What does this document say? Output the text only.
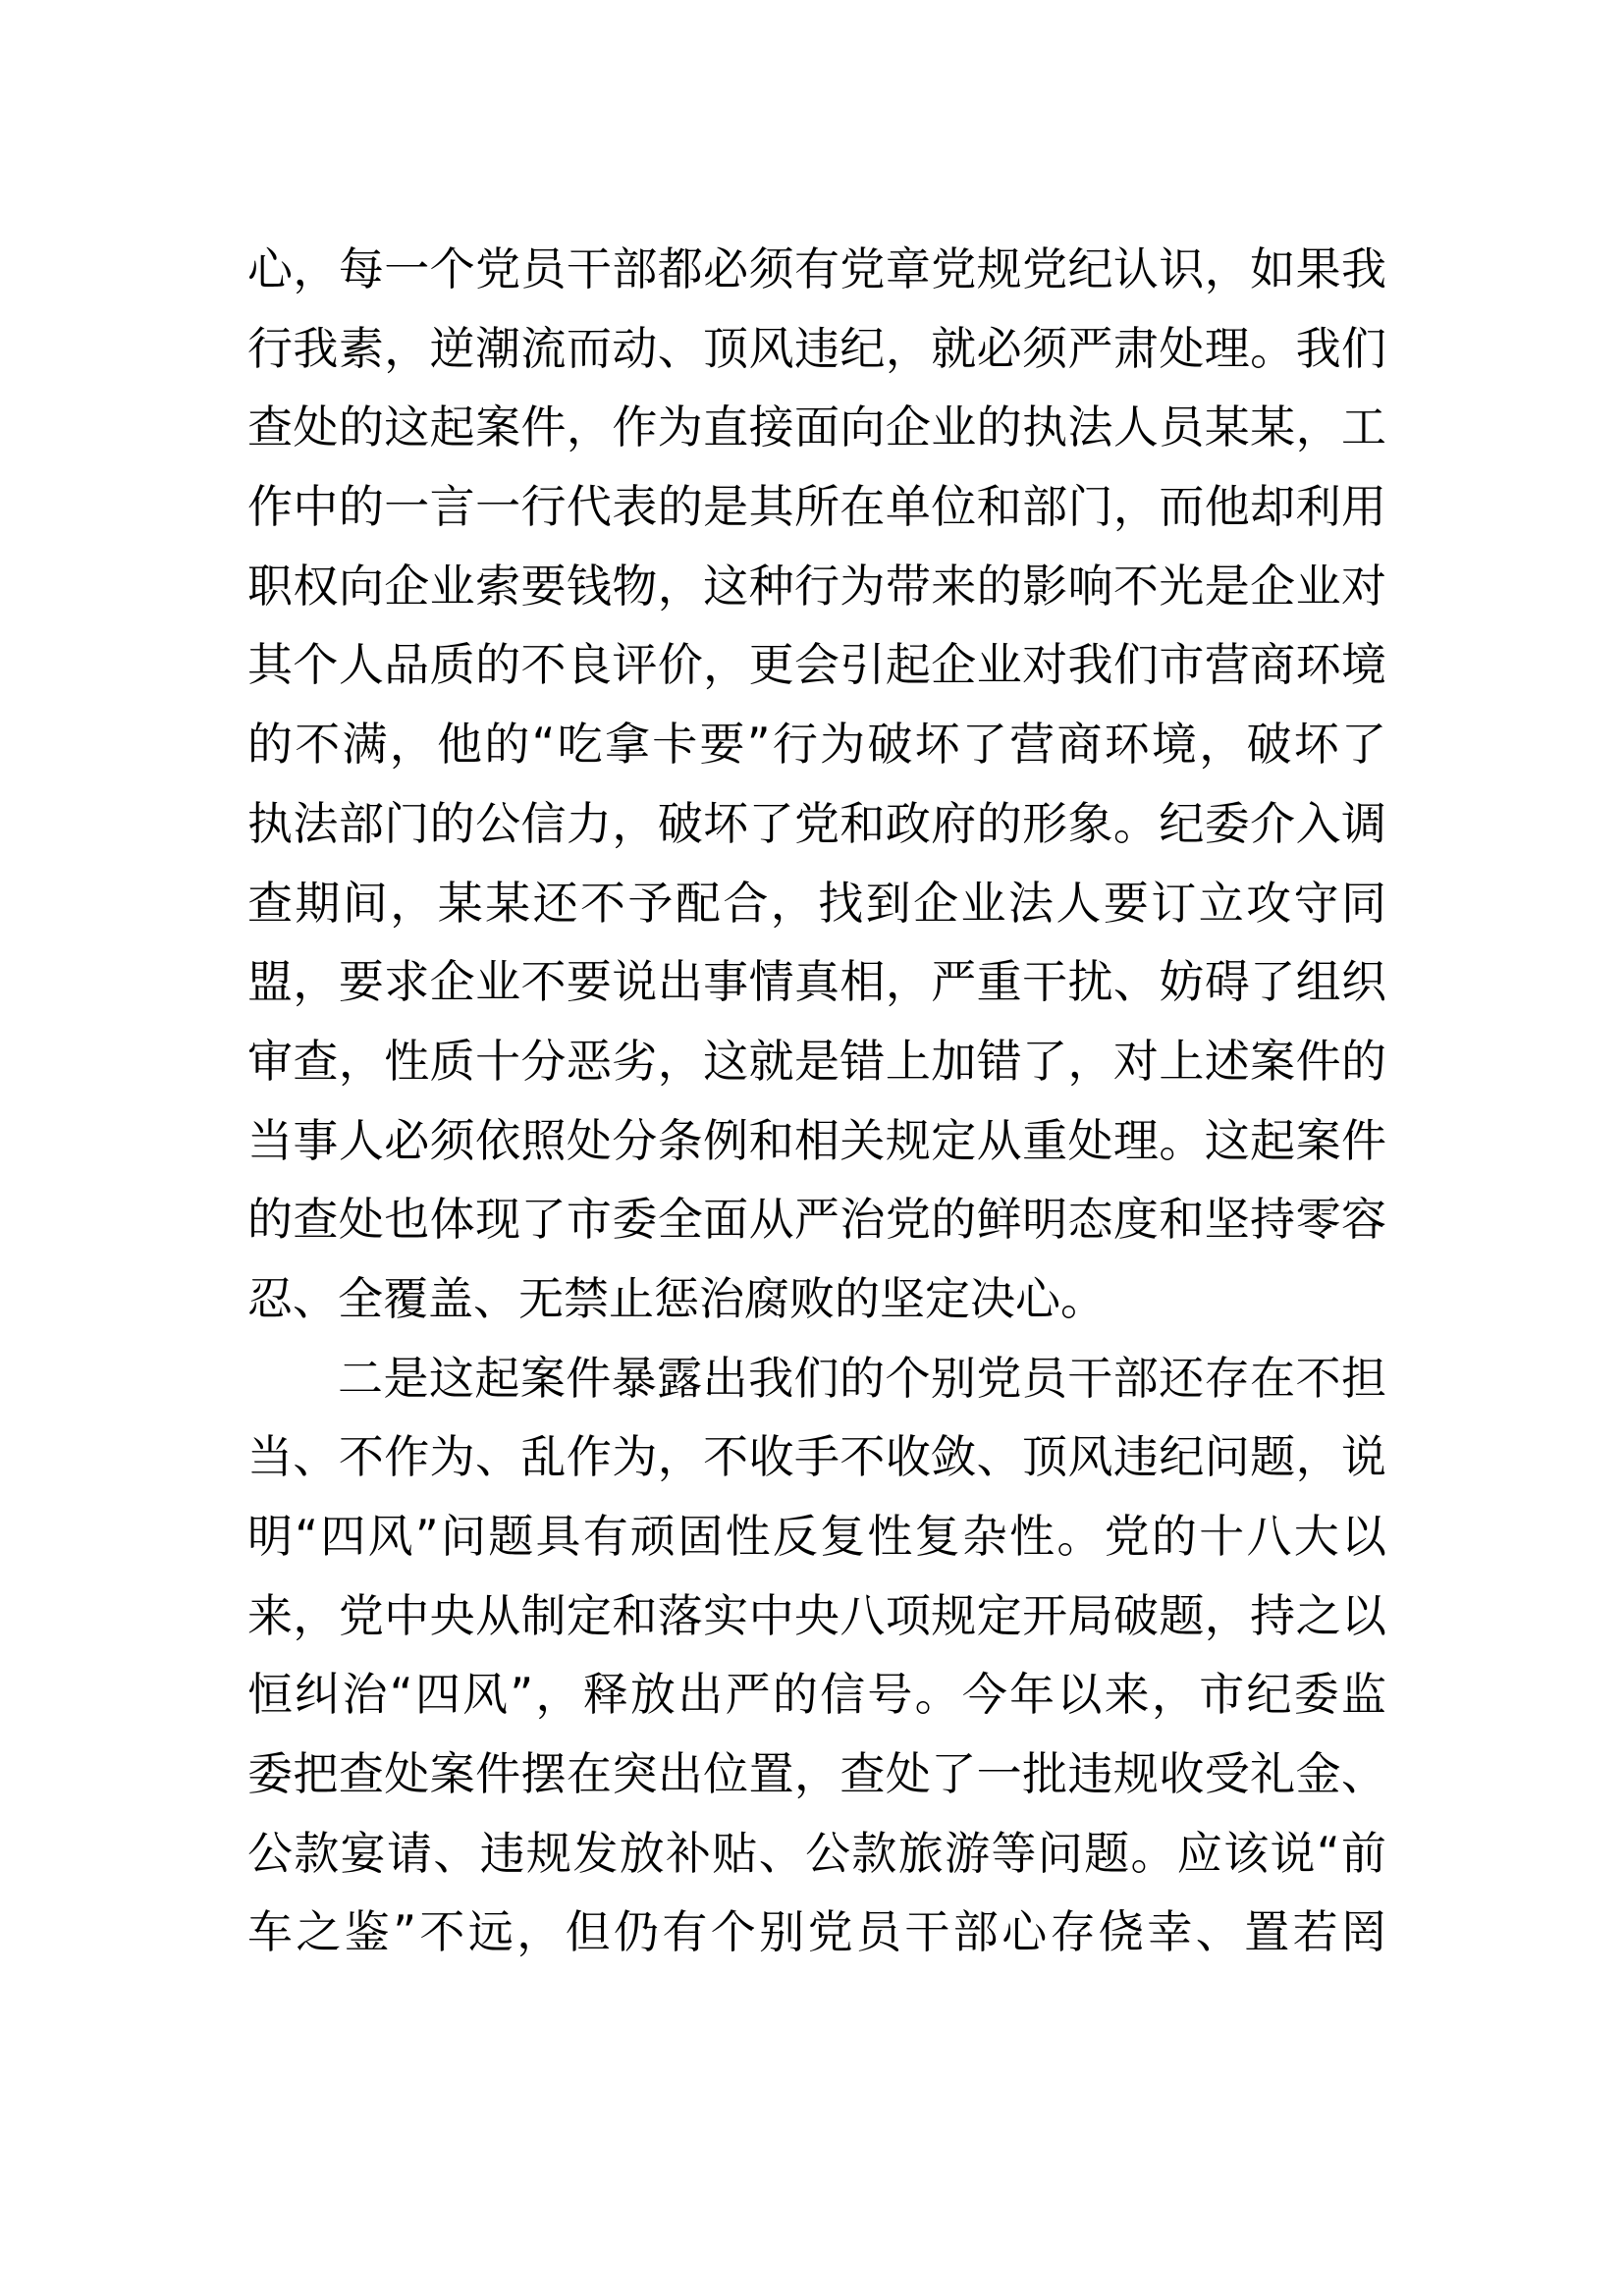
心，每一个党员干部都必须有党章党规党纪认识，如果我
行我素，逆潮流而动、顶风违纪，就必须严肃处理。我们
查处的这起案件，作为直接面向企业的执法人员某某，工
作中的一言一行代表的是其所在单位和部门，而他却利用
职权向企业索要钱物，这种行为带来的影响不光是企业对
其个人品质的不良评价，更会引起企业对我们市营商环境
的不满，他的“吃拿卡要”行为破坏了营商环境，破坏了
执法部门的公信力，破坏了党和政府的形象。纪委介入调
查期间，某某还不予配合，找到企业法人要订立攻守同
盟，要求企业不要说出事情真相，严重干扰、妨碍了组织
审查，性质十分恶劣，这就是错上加错了，对上述案件的
当事人必须依照处分条例和相关规定从重处理。这起案件
的查处也体现了市委全面从严治党的鲜明态度和坚持零容
忍、全覆盖、无禁止惩治腐败的坚定决心。
二是这起案件暴露出我们的个别党员干部还存在不担
当、不作为、乱作为，不收手不收敛、顶风违纪问题，说
明“四风”问题具有顽固性反复性复杂性。党的十八大以
来，党中央从制定和落实中央八项规定开局破题，持之以
恒纠治“四风”，释放出严的信号。今年以来，市纪委监
委把查处案件摆在突出位置，查处了一批违规收受礼金、
公款宴请、违规发放补贴、公款旅游等问题。应该说“前
车之鉴”不远，但仍有个别党员干部心存侥幸、置若罔
